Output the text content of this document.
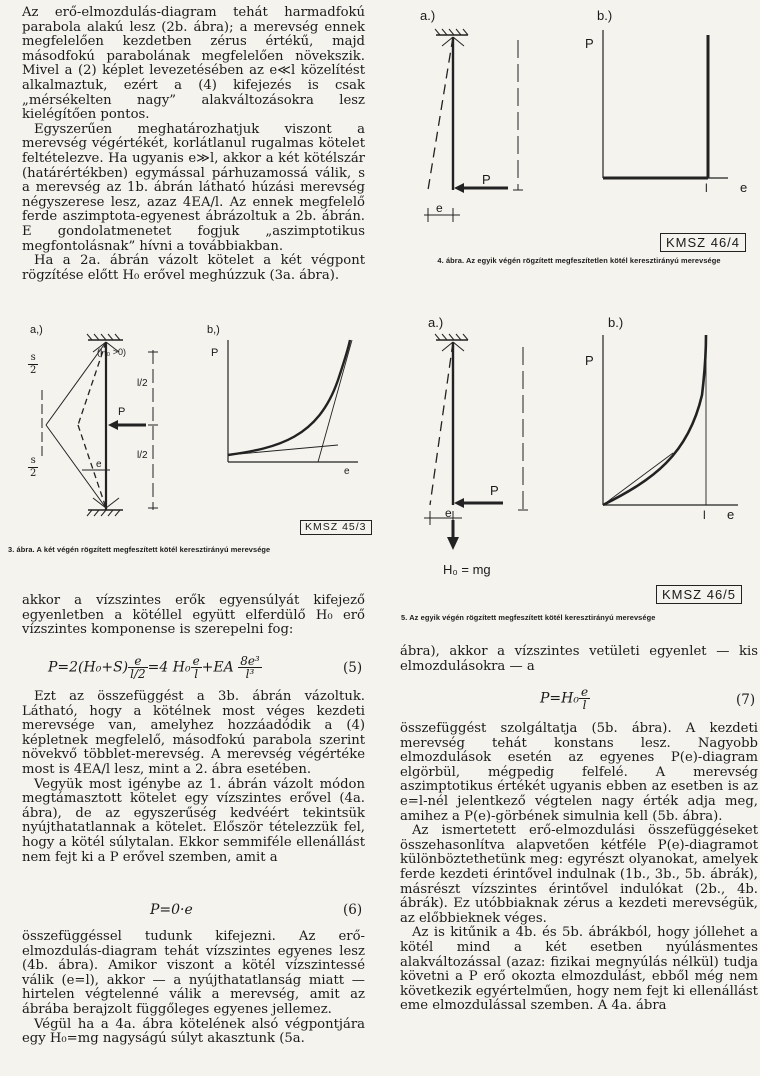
Az erő-elmozdulás-diagram tehát harmadfokú parabola alakú lesz (2b. ábra); a merevség ennek megfelelően kezdetben zérus értékű, majd másodfokú parabolának megfelelően növekszik. Mivel a (2) képlet levezetésében az e≪l közelítést alkalmaztuk, ezért a (4) kifejezés is csak „mérsékelten nagy” alakváltozásokra lesz kielégítően pontos.

Egyszerűen meghatározhatjuk viszont a merevség végértékét, korlátlanul rugalmas kötelet feltételezve. Ha ugyanis e≫l, akkor a két kötélszár (határértékben) egymással párhuzamossá válik, s a merevség az 1b. ábrán látható húzási merevség négyszerese lesz, azaz 4EA/l. Az ennek megfelelő ferde aszimptota-egyenest ábrázoltuk a 2b. ábrán. E gondolatmenetet fogjuk „aszimptotikus megfontolásnak” hívni a továbbiakban.

Ha a 2a. ábrán vázolt kötelet a két végpont rögzítése előtt H₀ erővel meghúzzuk (3a. ábra).

a,)	b,)
(H₀ >0)
$\frac{s}{2}$
$\frac{s}{2}$
l/2
l/2
P
e
P
e
KMSZ 45/3
3. ábra. A két végén rögzített megfeszített kötél keresztirányú merevsége

akkor a vízszintes erők egyensúlyát kifejező egyenletben a kötéllel együtt elferdülő H₀ erő vízszintes komponense is szerepelni fog:

$P=2(H_0+S) \frac{e}{l/2} =4$ $H_0 \frac{e}{l} +EA \frac{\text{8e³}}{\text{l³}}$	(5)

Ezt az összefüggést a 3b. ábrán vázoltuk. Látható, hogy a kötélnek most véges kezdeti merevsége van, amelyhez hozzáadódik a (4) képletnek megfelelő, másodfokú parabola szerint növekvő többlet-merevség. A merevség végértéke most is 4EA/l lesz, mint a 2. ábra esetében.

Vegyük most igénybe az 1. ábrán vázolt módon megtámasztott kötelet egy vízszintes erővel (4a. ábra), de az egyszerűség kedvéért tekintsük nyújthatatlannak a kötelet. Először tételezzük fel, hogy a kötél súlytalan. Ekkor semmiféle ellenállást nem fejt ki a P erővel szemben, amit a

P=0·e	(6)

összefüggéssel tudunk kifejezni. Az erő-elmozdulás-diagram tehát vízszintes egyenes lesz (4b. ábra). Amikor viszont a kötél vízszintessé válik (e=l), akkor — a nyújthatatlanság miatt — hirtelen végtelenné válik a merevség, amit az ábrába berajzolt függőleges egyenes jellemez.

Végül ha a 4a. ábra kötelének alsó végpontjára egy H₀=mg nagyságú súlyt akasztunk (5a.

a.)	b.)
P
e
P
l e
KMSZ 46/4
4. ábra. Az egyik végén rögzített megfeszítetlen kötél keresztirányú merevsége
a.)	b.)
P
e
H₀ = mg
P
l e
KMSZ 46/5
5. Az egyik végén rögzített megfeszített kötél keresztirányú merevsége

ábra), akkor a vízszintes vetületi egyenlet — kis elmozdulásokra — a

$P=H_0 \frac{e}{l}$	(7)

összefüggést szolgáltatja (5b. ábra). A kezdeti merevség tehát konstans lesz. Nagyobb elmozdulások esetén az egyenes P(e)-diagram elgörbül, mégpedig felfelé. A merevség aszimptotikus értékét ugyanis ebben az esetben is az e=l-nél jelentkező végtelen nagy érték adja meg, amihez a P(e)-görbének simulnia kell (5b. ábra).

Az ismertetett erő-elmozdulási összefüggéseket összehasonlítva alapvetően kétféle P(e)-diagramot különböztethetünk meg: egyrészt olyanokat, amelyek ferde kezdeti érintővel indulnak (1b., 3b., 5b. ábrák), másrészt vízszintes érintővel indulókat (2b., 4b. ábrák). Ez utóbbiaknak zérus a kezdeti merevségük, az előbbieknek véges.

Az is kitűnik a 4b. és 5b. ábrákból, hogy jóllehet a kötél mind a két esetben nyúlásmentes alakváltozással (azaz: fizikai megnyúlás nélkül) tudja követni a P erő okozta elmozdulást, ebből még nem következik egyértelműen, hogy nem fejt ki ellenállást eme elmozdulással szemben. A 4a. ábra
